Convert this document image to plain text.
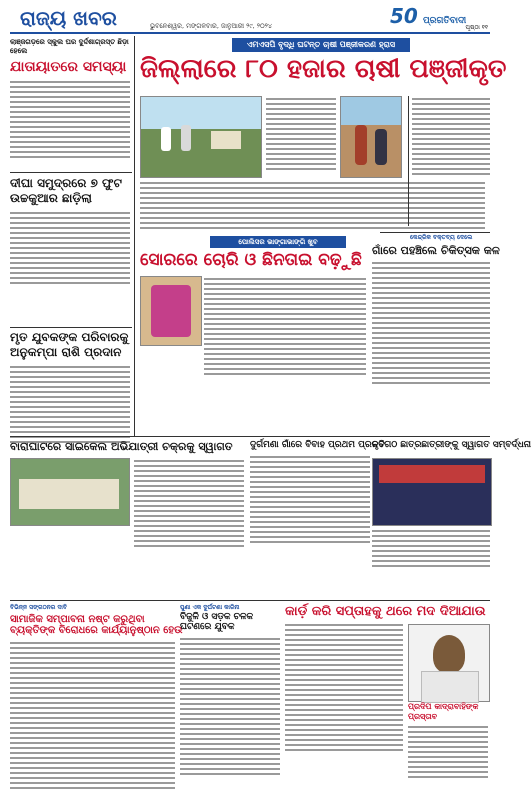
ରାଜ୍ୟ ଖବର	ଭୁବନେଶ୍ୱର, ମଙ୍ଗଳବାର, ଜାନୁଆରୀ ୨୯, ୨୦୨୪	50 ପ୍ରଗତିବାଦୀ
ପୃଷ୍ଠା ୧୧
ଲାଞ୍ଜଗଡ଼ରେ ସ୍କୁଲ ଘର ଦୁର୍ଦ୍ଦଶାଗ୍ରସ୍ତ ଛିଡ଼ା ହେଲେ
ଯାତାୟାତରେ ସମସ୍ୟା
ଦୀଘା ସମୁଦ୍ରରେ ୭ ଫୁଟ
ଉଚ୍ଚକୁଆର ଛାଡ଼ିଲା
ମୃତ ଯୁବକଙ୍କ ପରିବାରକୁ
ଅନୁକମ୍ପା ରାଶି ପ୍ରଦାନ
ଏମଏସପି ବୃଦ୍ଧି ଘଟନ୍ତ ଚାଷୀ ପଞ୍ଜୀକରଣ ହ୍ରାସ
ଜିଲ୍ଲାରେ ୮୦ ହଜାର ଚାଷୀ ପଞ୍ଜୀକୃତ
କେନ୍ଦ୍ରିକ ବକ୍ତବ୍ୟ ଦେଲେ
ଗାଁରେ ପହଞ୍ଚିଲେ ଚିକିତ୍ସକ କଳ
ପୋଲିସର ଭାଙ୍ଗାଭାଙ୍ଗି ଖୁବ
ସୋରରେ ଚୋରି ଓ ଛିନତାଇ ବଢ଼ୁଛି
ବାରାଘାଟରେ ସାଇକେଲ ଅଭିଯାତ୍ରୀ ଚକ୍ରକୁ ସ୍ୱାଗତ	ଦୁର୍ଗମଣା ଗାଁରେ ବିବାହ ପ୍ରଥମ ପ୍ରକୃତି
ନବଗଠ ଛାତ୍ରଛାତ୍ରୀଙ୍କୁ ସ୍ୱାଗତ ସମ୍ବର୍ଦ୍ଧନା
ବିଭିନ୍ନ ସଙ୍ଗଠନର ଦାବି
ସାମାଜିକ ସମ୍ପାବନା ନଷ୍ଟ କରୁଥିବା
ବ୍ୟକ୍ତିଙ୍କ ବିରୋଧରେ କାର୍ଯ୍ୟାନୁଷ୍ଠାନ ହେଉ
ପୁଣା ଏକ ଦୁର୍ଘଟଣା କାରିନା
ବିଜୁଳି ଓ ସଡ଼କ ଚଳକ
ଘଟଣରେ ଯୁବକ
କାର୍ଡ଼ କରି ସପ୍ତାହକୁ ଥରେ ମଦ ଦିଆଯାଉ
ପ୍ରଦିପ କାଦ୍ରାବାହିଙ୍କ
ପ୍ରସ୍ତାବ
